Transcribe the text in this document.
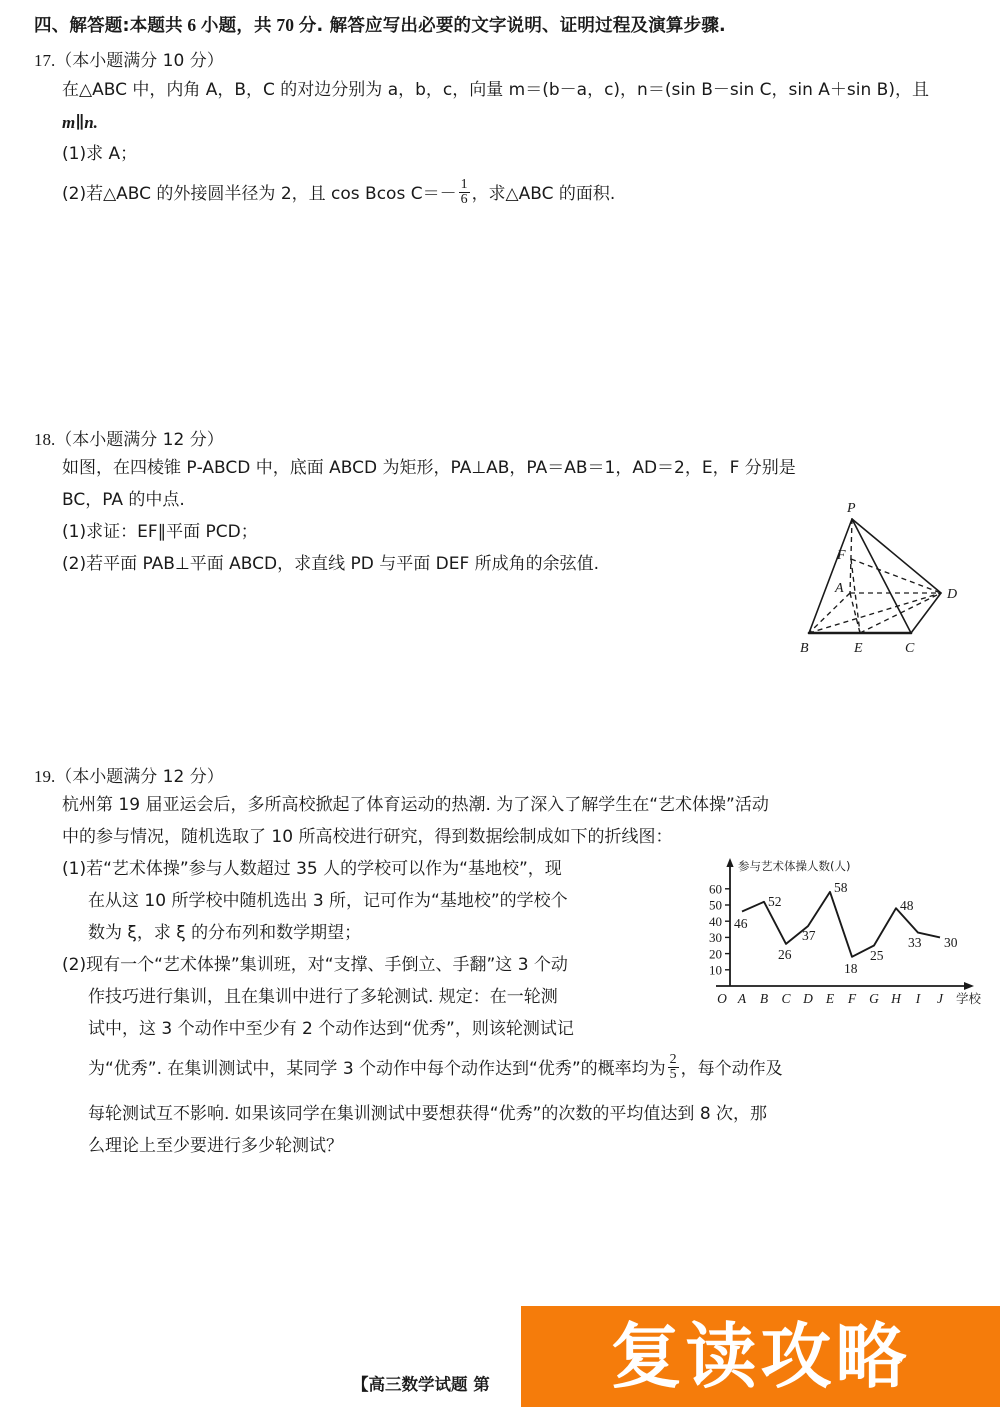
四、解答题:本题共 6 小题，共 70 分. 解答应写出必要的文字说明、证明过程及演算步骤.
17.（本小题满分 10 分）
在△ABC 中，内角 A，B，C 的对边分别为 a，b，c，向量 m＝(b－a，c)，n＝(sin B－sin C，sin A＋sin B)，且
m∥n.
(1)求 A；
(2)若△ABC 的外接圆半径为 2，且 cos Bcos $C=- \frac{1}{6}$ ，求△ABC 的面积.
18.（本小题满分 12 分）
如图，在四棱锥 P‐ABCD 中，底面 ABCD 为矩形，PA⊥AB，PA＝AB＝1，AD＝2，E，F 分别是
BC，PA 的中点.
(1)求证：EF∥平面 PCD；
(2)若平面 PAB⊥平面 ABCD，求直线 PD 与平面 DEF 所成角的余弦值.
P
F
A	D
B	E	C
19.（本小题满分 12 分）
杭州第 19 届亚运会后，多所高校掀起了体育运动的热潮. 为了深入了解学生在“艺术体操”活动
中的参与情况，随机选取了 10 所高校进行研究，得到数据绘制成如下的折线图：
(1)若“艺术体操”参与人数超过 35 人的学校可以作为“基地校”，现
在从这 10 所学校中随机选出 3 所，记可作为“基地校”的学校个
数为 ξ，求 ξ 的分布列和数学期望；
(2)现有一个“艺术体操”集训班，对“支撑、手倒立、手翻”这 3 个动
作技巧进行集训，且在集训中进行了多轮测试. 规定：在一轮测
试中，这 3 个动作中至少有 2 个动作达到“优秀”，则该轮测试记
为“优秀”. 在集训测试中，某同学 3 个动作中每个动作达到“优秀”的概率均为 $\frac{2}{5}$ ，每个动作及
每轮测试互不影响. 如果该同学在集训测试中要想获得“优秀”的次数的平均值达到 8 次，那
么理论上至少要进行多少轮测试？
参与艺术体操人数(人)
10
20
30
40
50
60
46
52
26
37
58
18
25
48
33 30
O A B C D E F G H I J 学校
【高三数学试题 第 复读攻略
